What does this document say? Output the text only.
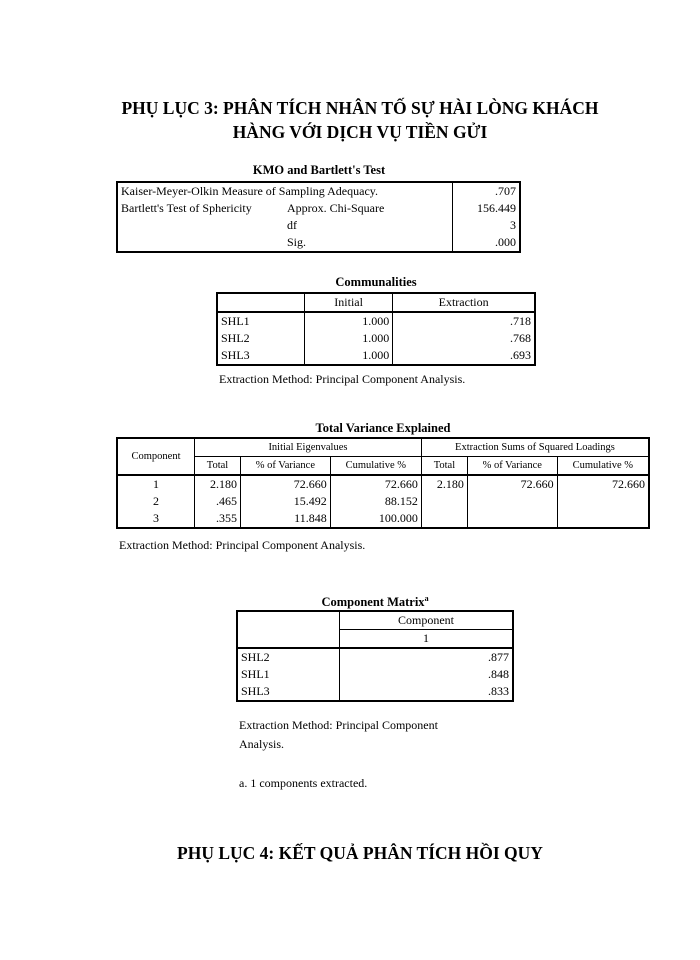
PHỤ LỤC 3: PHÂN TÍCH NHÂN TỐ SỰ HÀI LÒNG KHÁCH
HÀNG VỚI DỊCH VỤ TIỀN GỬI
KMO and Bartlett's Test
Kaiser-Meyer-Olkin Measure of Sampling Adequacy.		.707
Bartlett's Test of Sphericity	Approx. Chi-Square	156.449
	df	3
	Sig.	.000
Communalities
	Initial	Extraction
SHL1	1.000	.718
SHL2	1.000	.768
SHL3	1.000	.693
Extraction Method: Principal Component Analysis.
Total Variance Explained
Component	Initial Eigenvalues			Extraction Sums of Squared Loadings		
	Total	% of Variance	Cumulative %	Total	% of Variance	Cumulative %
1	2.180	72.660	72.660	2.180	72.660	72.660
2	.465	15.492	88.152			
3	.355	11.848	100.000			
Extraction Method: Principal Component Analysis.
Component Matrix$^a$
	Component
	1
SHL2	.877
SHL1	.848
SHL3	.833
Extraction Method: Principal Component
Analysis.
a. 1 components extracted.
PHỤ LỤC 4: KẾT QUẢ PHÂN TÍCH HỒI QUY
